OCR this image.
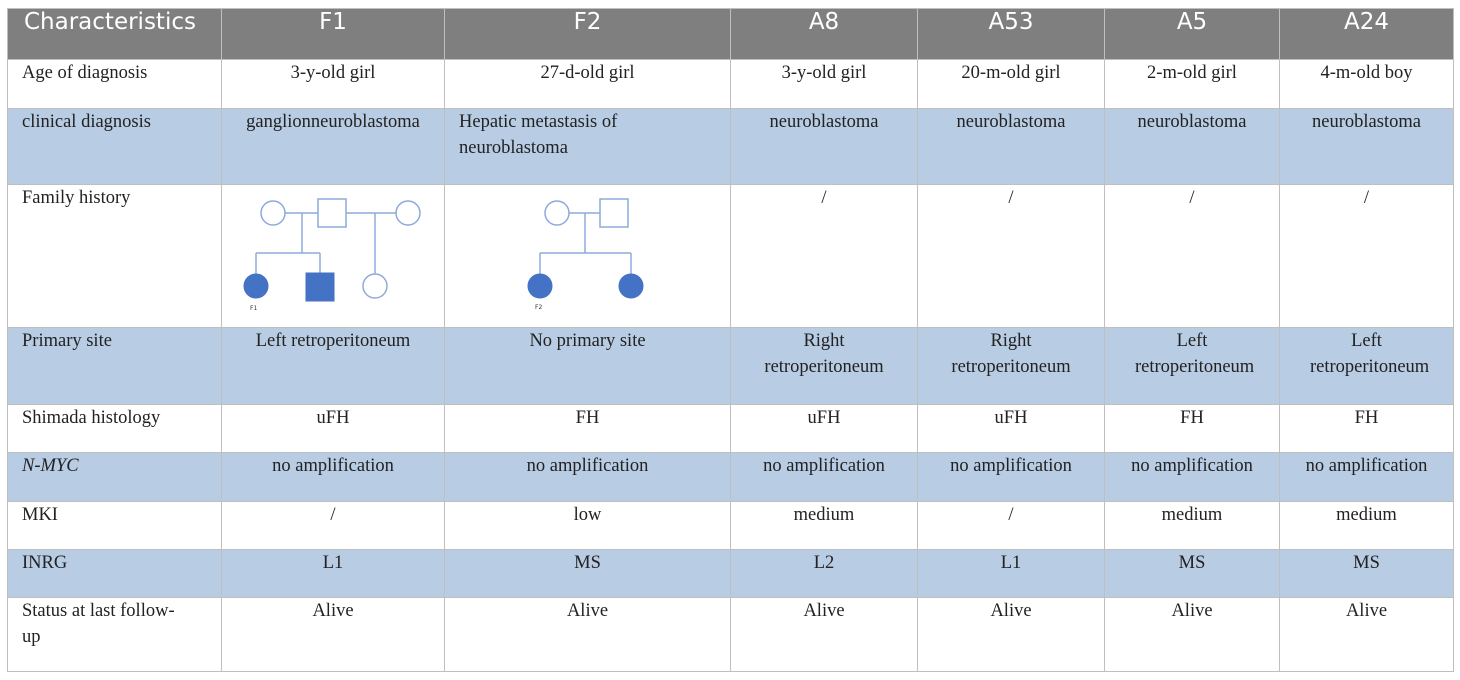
Characteristics	F1	F2	A8	A53	A5	A24
Age of diagnosis	3-y-old girl	27-d-old girl	3-y-old girl	20-m-old girl	2-m-old girl	4-m-old boy
clinical diagnosis	ganglionneuroblastoma	Hepatic metastasis of neuroblastoma	neuroblastoma	neuroblastoma	neuroblastoma	neuroblastoma
Family history	F1	F2	/	/	/	/
Primary site	Left retroperitoneum	No primary site	Right retroperitoneum	Right retroperitoneum	Left retroperitoneum	Left retroperitoneum
Shimada histology	uFH	FH	uFH	uFH	FH	FH
N-MYC	no amplification	no amplification	no amplification	no amplification	no amplification	no amplification
MKI	/	low	medium	/	medium	medium
INRG	L1	MS	L2	L1	MS	MS
Status at last follow-up	Alive	Alive	Alive	Alive	Alive	Alive
